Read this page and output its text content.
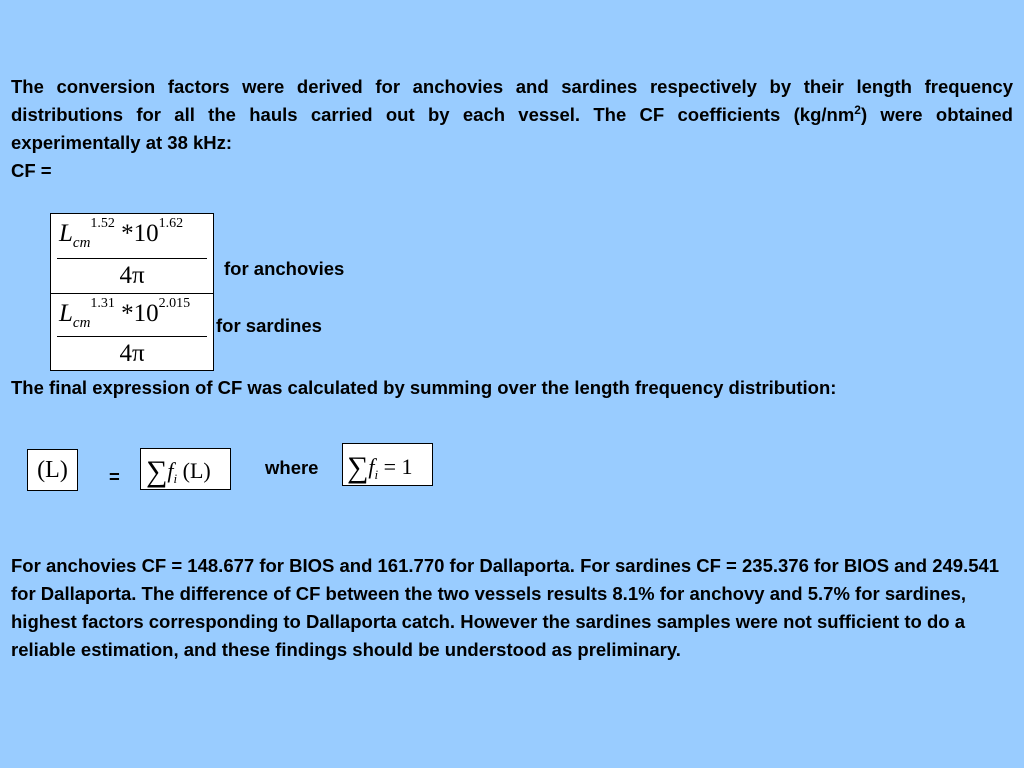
The conversion factors were derived for anchovies and sardines respectively by their length frequency distributions for all the hauls carried out by each vessel. The CF coefficients $(kg/nm^2)$ were obtained experimentally at 38 kHz:

CF =

$L_{cm}^{1.52}$ $*10^{1.62}$
4π
$L_{cm}^{1.31}$ $*10^{2.015}$
4π
for anchovies
for sardines

The final expression of CF was calculated by summing over the length frequency distribution:

(L)	= $\sum f_i$ (L)	where $\sum f_i = 1$

For anchovies CF = 148.677 for BIOS and 161.770 for Dallaporta. For sardines CF = 235.376 for BIOS and 249.541 for Dallaporta. The difference of CF between the two vessels results 8.1% for anchovy and 5.7% for sardines, highest factors corresponding to Dallaporta catch. However the sardines samples were not sufficient to do a reliable estimation, and these findings should be understood as preliminary.
